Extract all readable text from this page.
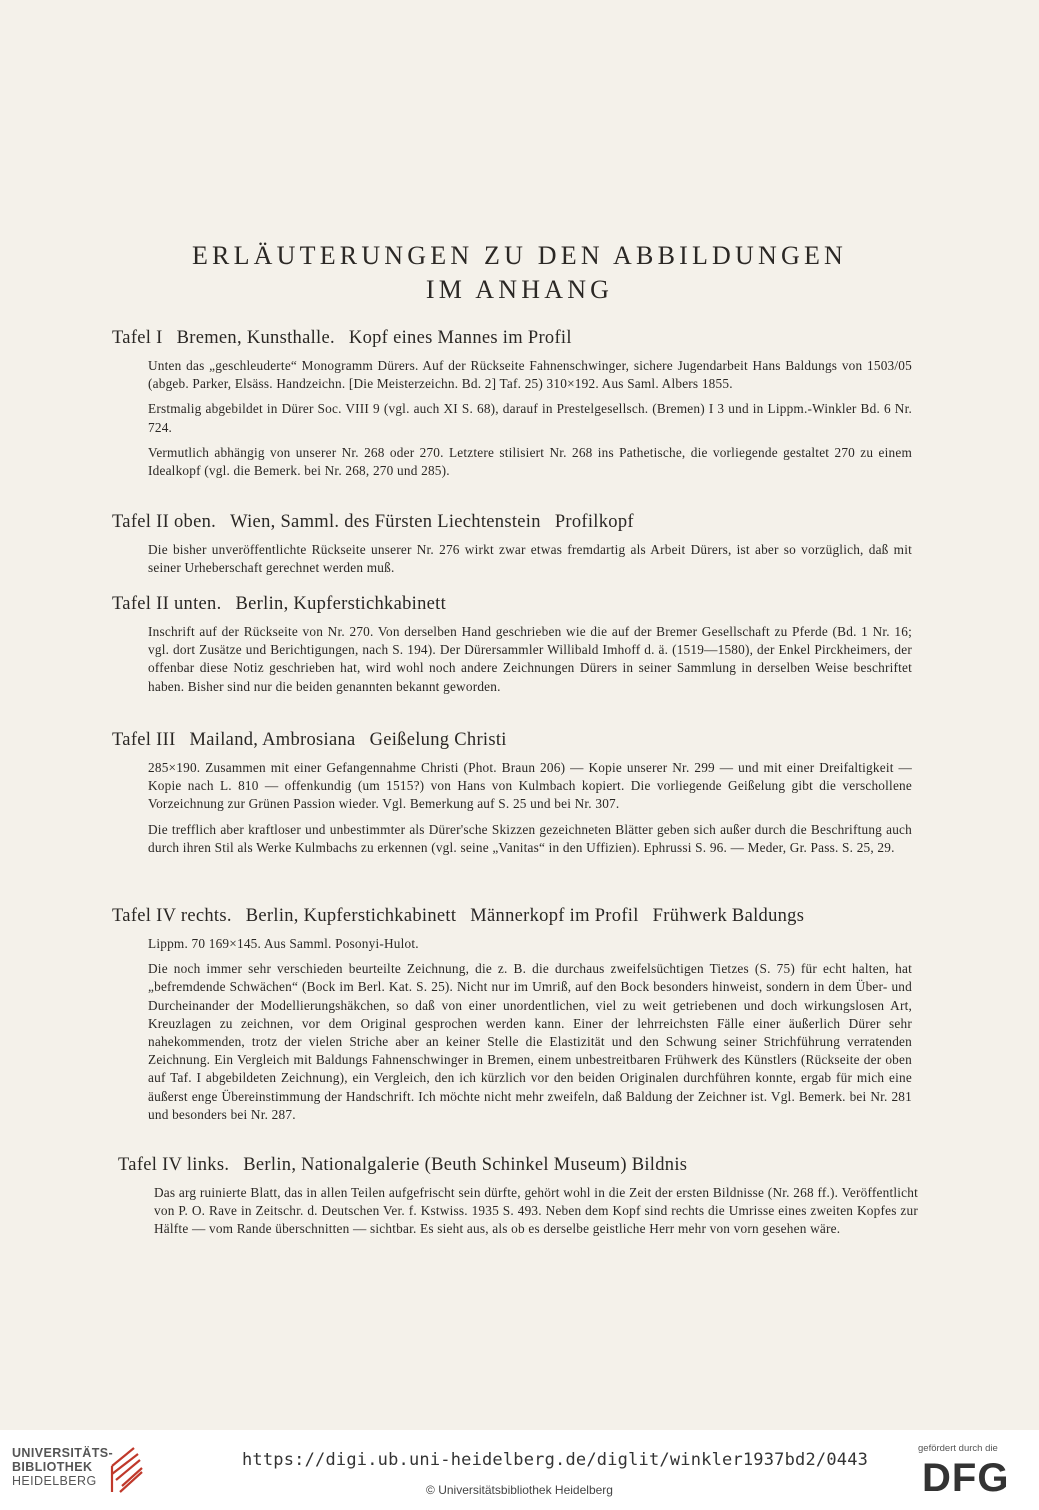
ERLÄUTERUNGEN ZU DEN ABBILDUNGEN
IM ANHANG

Tafel I Bremen, Kunsthalle. Kopf eines Mannes im Profil

Unten das „geschleuderte“ Monogramm Dürers. Auf der Rückseite Fahnenschwinger, sichere Jugendarbeit Hans Baldungs von 1503/05 (abgeb. Parker, Elsäss. Handzeichn. [Die Meisterzeichn. Bd. 2] Taf. 25) 310×192. Aus Saml. Albers 1855.

Erstmalig abgebildet in Dürer Soc. VIII 9 (vgl. auch XI S. 68), darauf in Prestelgesellsch. (Bremen) I 3 und in Lippm.-Winkler Bd. 6 Nr. 724.

Vermutlich abhängig von unserer Nr. 268 oder 270. Letztere stilisiert Nr. 268 ins Pathetische, die vorliegende gestaltet 270 zu einem Idealkopf (vgl. die Bemerk. bei Nr. 268, 270 und 285).

Tafel II oben. Wien, Samml. des Fürsten Liechtenstein Profilkopf

Die bisher unveröffentlichte Rückseite unserer Nr. 276 wirkt zwar etwas fremdartig als Arbeit Dürers, ist aber so vorzüglich, daß mit seiner Urheberschaft gerechnet werden muß.

Tafel II unten. Berlin, Kupferstichkabinett

Inschrift auf der Rückseite von Nr. 270. Von derselben Hand geschrieben wie die auf der Bremer Gesellschaft zu Pferde (Bd. 1 Nr. 16; vgl. dort Zusätze und Berichtigungen, nach S. 194). Der Dürersammler Willibald Imhoff d. ä. (1519—1580), der Enkel Pirckheimers, der offenbar diese Notiz geschrieben hat, wird wohl noch andere Zeichnungen Dürers in seiner Sammlung in derselben Weise beschriftet haben. Bisher sind nur die beiden genannten bekannt geworden.

Tafel III Mailand, Ambrosiana Geißelung Christi

285×190. Zusammen mit einer Gefangennahme Christi (Phot. Braun 206) — Kopie unserer Nr. 299 — und mit einer Dreifaltigkeit — Kopie nach L. 810 — offenkundig (um 1515?) von Hans von Kulmbach kopiert. Die vorliegende Geißelung gibt die verschollene Vorzeichnung zur Grünen Passion wieder. Vgl. Bemerkung auf S. 25 und bei Nr. 307.

Die trefflich aber kraftloser und unbestimmter als Dürer'sche Skizzen gezeichneten Blätter geben sich außer durch die Beschriftung auch durch ihren Stil als Werke Kulmbachs zu erkennen (vgl. seine „Vanitas“ in den Uffizien). Ephrussi S. 96. — Meder, Gr. Pass. S. 25, 29.

Tafel IV rechts. Berlin, Kupferstichkabinett Männerkopf im Profil Frühwerk Baldungs

Lippm. 70 169×145. Aus Samml. Posonyi-Hulot.

Die noch immer sehr verschieden beurteilte Zeichnung, die z. B. die durchaus zweifelsüchtigen Tietzes (S. 75) für echt halten, hat „befremdende Schwächen“ (Bock im Berl. Kat. S. 25). Nicht nur im Umriß, auf den Bock besonders hinweist, sondern in dem Über- und Durcheinander der Modellierungshäkchen, so daß von einer unordentlichen, viel zu weit getriebenen und doch wirkungslosen Art, Kreuzlagen zu zeichnen, vor dem Original gesprochen werden kann. Einer der lehrreichsten Fälle einer äußerlich Dürer sehr nahekommenden, trotz der vielen Striche aber an keiner Stelle die Elastizität und den Schwung seiner Strichführung verratenden Zeichnung. Ein Vergleich mit Baldungs Fahnenschwinger in Bremen, einem unbestreitbaren Frühwerk des Künstlers (Rückseite der oben auf Taf. I abgebildeten Zeichnung), ein Vergleich, den ich kürzlich vor den beiden Originalen durchführen konnte, ergab für mich eine äußerst enge Übereinstimmung der Handschrift. Ich möchte nicht mehr zweifeln, daß Baldung der Zeichner ist. Vgl. Bemerk. bei Nr. 281 und besonders bei Nr. 287.

Tafel IV links. Berlin, Nationalgalerie (Beuth Schinkel Museum) Bildnis

Das arg ruinierte Blatt, das in allen Teilen aufgefrischt sein dürfte, gehört wohl in die Zeit der ersten Bildnisse (Nr. 268 ff.). Veröffentlicht von P. O. Rave in Zeitschr. d. Deutschen Ver. f. Kstwiss. 1935 S. 493. Neben dem Kopf sind rechts die Umrisse eines zweiten Kopfes zur Hälfte — vom Rande überschnitten — sichtbar. Es sieht aus, als ob es derselbe geistliche Herr mehr von vorn gesehen wäre.

UNIVERSITÄTS-
BIBLIOTHEK
HEIDELBERG
https://digi.ub.uni-heidelberg.de/diglit/winkler1937bd2/0443
© Universitätsbibliothek Heidelberg
gefördert durch die
DFG
